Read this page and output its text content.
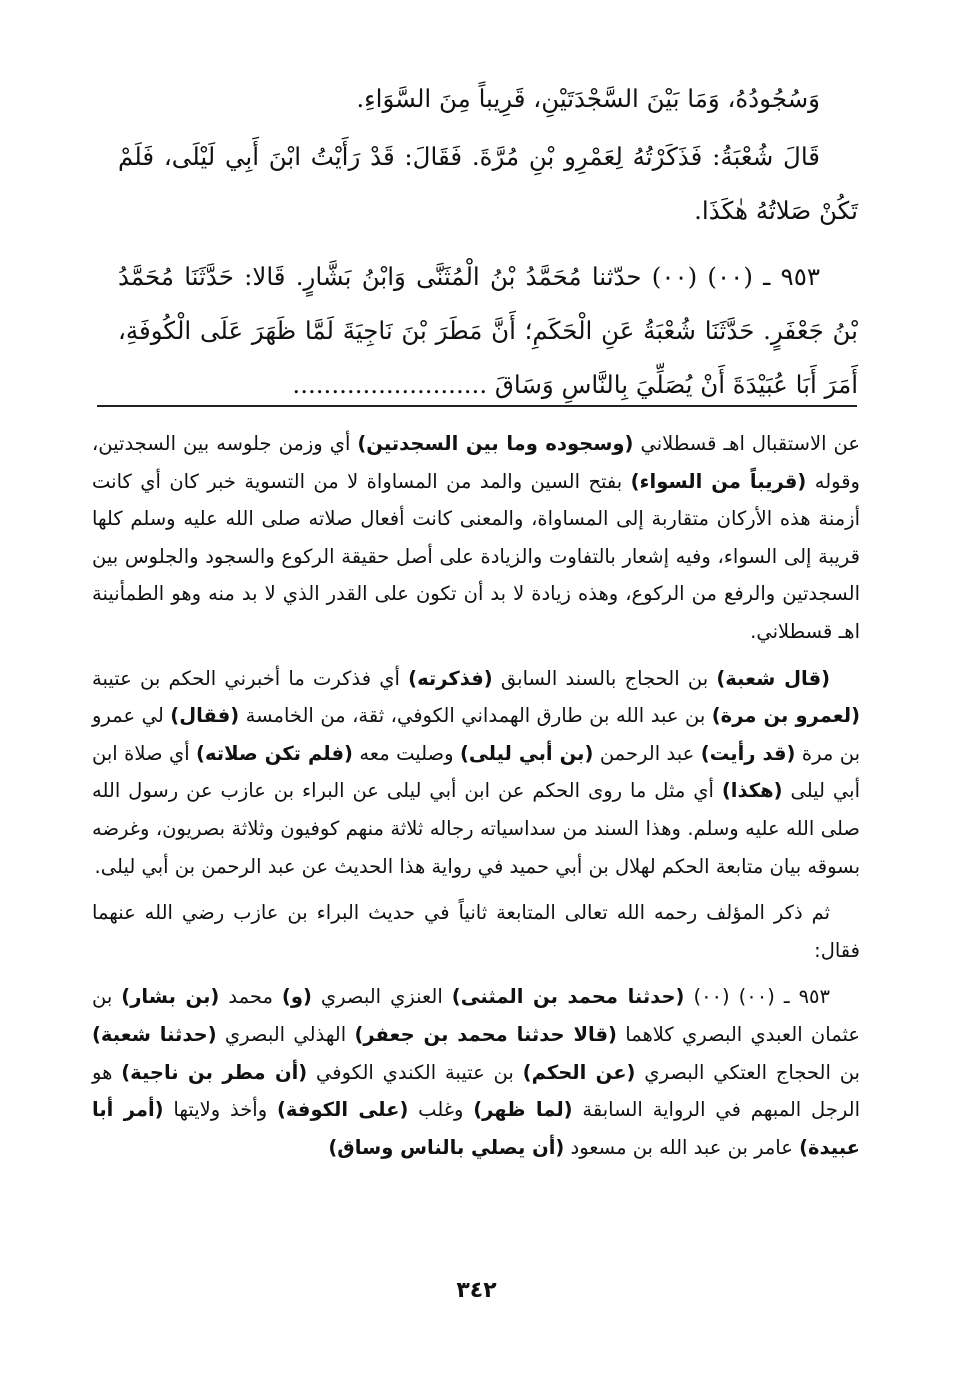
وَسُجُودُهُ، وَمَا بَيْنَ السَّجْدَتَيْنِ، قَرِيباً مِنَ السَّوَاءِ.

قَالَ شُعْبَةُ: فَذَكَرْتُهُ لِعَمْرِو بْنِ مُرَّةَ. فَقَالَ: قَدْ رَأَيْتُ ابْنَ أَبِي لَيْلَى، فَلَمْ تَكُنْ صَلاتُهُ هٰكَذَا.

٩٥٣ ـ (٠٠) (٠٠) حدّثنا مُحَمَّدُ بْنُ الْمُثَنَّى وَابْنُ بَشَّارٍ. قَالا: حَدَّثَنَا مُحَمَّدُ بْنُ جَعْفَرٍ. حَدَّثَنَا شُعْبَةُ عَنِ الْحَكَمِ؛ أَنَّ مَطَرَ بْنَ نَاجِيَةَ لَمَّا ظَهَرَ عَلَى الْكُوفَةِ، أَمَرَ أَبَا عُبَيْدَةَ أَنْ يُصَلِّيَ بِالنَّاسِ وَسَاقَ .........................

عن الاستقبال اهـ قسطلاني (وسجوده وما بين السجدتين) أي وزمن جلوسه بين السجدتين، وقوله (قريباً من السواء) بفتح السين والمد من المساواة لا من التسوية خبر كان أي كانت أزمنة هذه الأركان متقاربة إلى المساواة، والمعنى كانت أفعال صلاته صلى الله عليه وسلم كلها قريبة إلى السواء، وفيه إشعار بالتفاوت والزيادة على أصل حقيقة الركوع والسجود والجلوس بين السجدتين والرفع من الركوع، وهذه زيادة لا بد أن تكون على القدر الذي لا بد منه وهو الطمأنينة اهـ قسطلاني.

(قال شعبة) بن الحجاج بالسند السابق (فذكرته) أي فذكرت ما أخبرني الحكم بن عتيبة (لعمرو بن مرة) بن عبد الله بن طارق الهمداني الكوفي، ثقة، من الخامسة (فقال) لي عمرو بن مرة (قد رأيت) عبد الرحمن (بن أبي ليلى) وصليت معه (فلم تكن صلاته) أي صلاة ابن أبي ليلى (هكذا) أي مثل ما روى الحكم عن ابن أبي ليلى عن البراء بن عازب عن رسول الله صلى الله عليه وسلم. وهذا السند من سداسياته رجاله ثلاثة منهم كوفيون وثلاثة بصريون، وغرضه بسوقه بيان متابعة الحكم لهلال بن أبي حميد في رواية هذا الحديث عن عبد الرحمن بن أبي ليلى.

ثم ذكر المؤلف رحمه الله تعالى المتابعة ثانياً في حديث البراء بن عازب رضي الله عنهما فقال:

٩٥٣ ـ (٠٠) (٠٠) (حدثنا محمد بن المثنى) العنزي البصري (و) محمد (بن بشار) بن عثمان العبدي البصري كلاهما (قالا حدثنا محمد بن جعفر) الهذلي البصري (حدثنا شعبة) بن الحجاج العتكي البصري (عن الحكم) بن عتيبة الكندي الكوفي (أن مطر بن ناجية) هو الرجل المبهم في الرواية السابقة (لما ظهر) وغلب (على الكوفة) وأخذ ولايتها (أمر أبا عبيدة) عامر بن عبد الله بن مسعود (أن يصلي بالناس وساق)

٣٤٢
